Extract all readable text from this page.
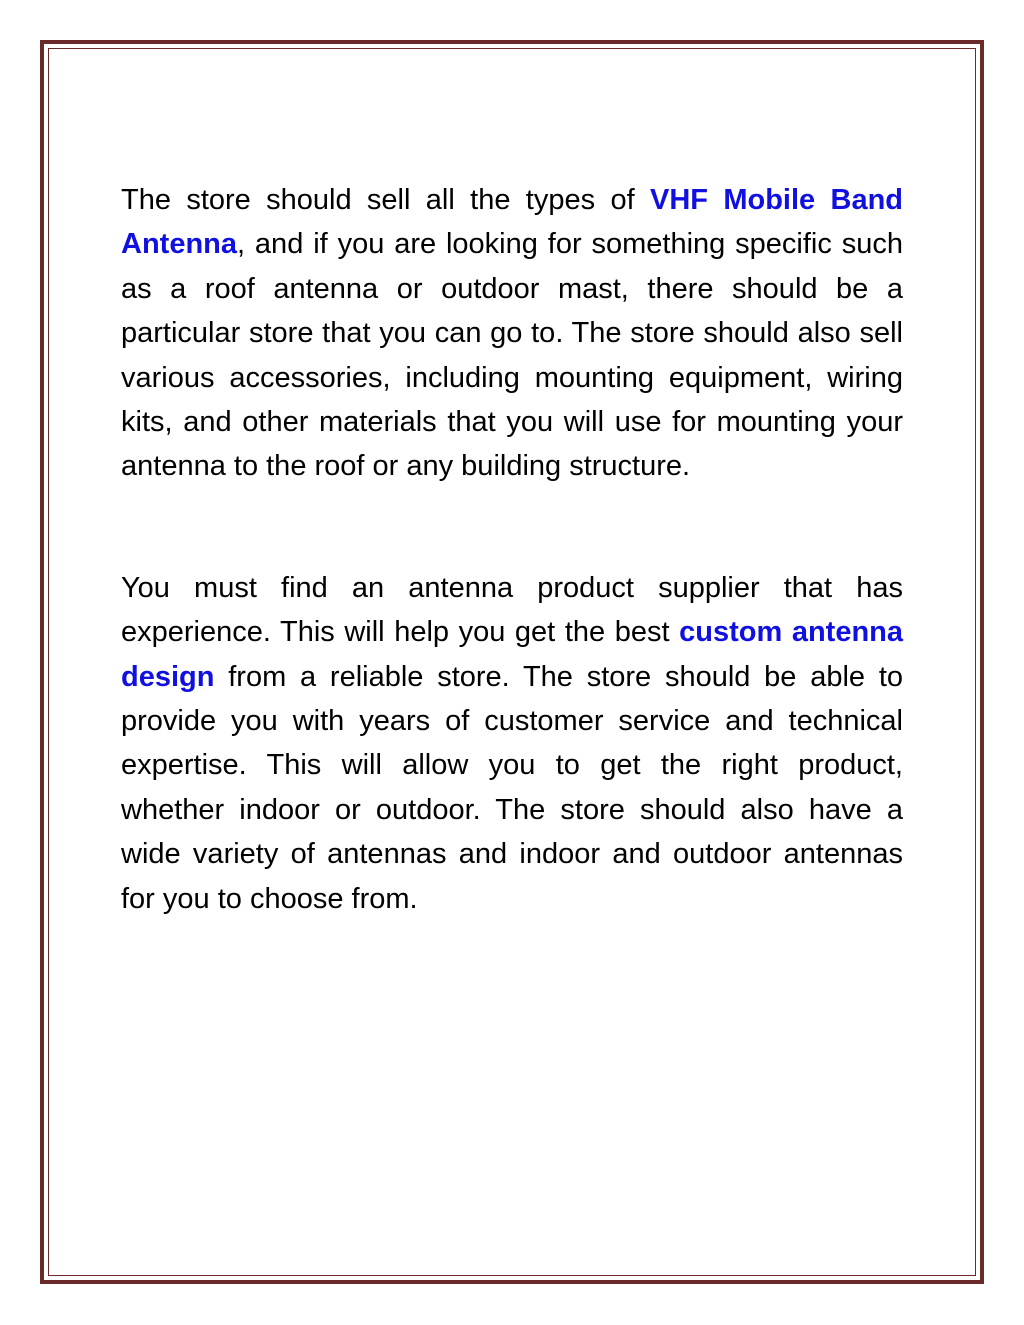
The store should sell all the types of VHF Mobile Band Antenna, and if you are looking for something specific such as a roof antenna or outdoor mast, there should be a particular store that you can go to. The store should also sell various accessories, including mounting equipment, wiring kits, and other materials that you will use for mounting your antenna to the roof or any building structure.

You must find an antenna product supplier that has experience. This will help you get the best custom antenna design from a reliable store. The store should be able to provide you with years of customer service and technical expertise. This will allow you to get the right product, whether indoor or outdoor. The store should also have a wide variety of antennas and indoor and outdoor antennas for you to choose from.
